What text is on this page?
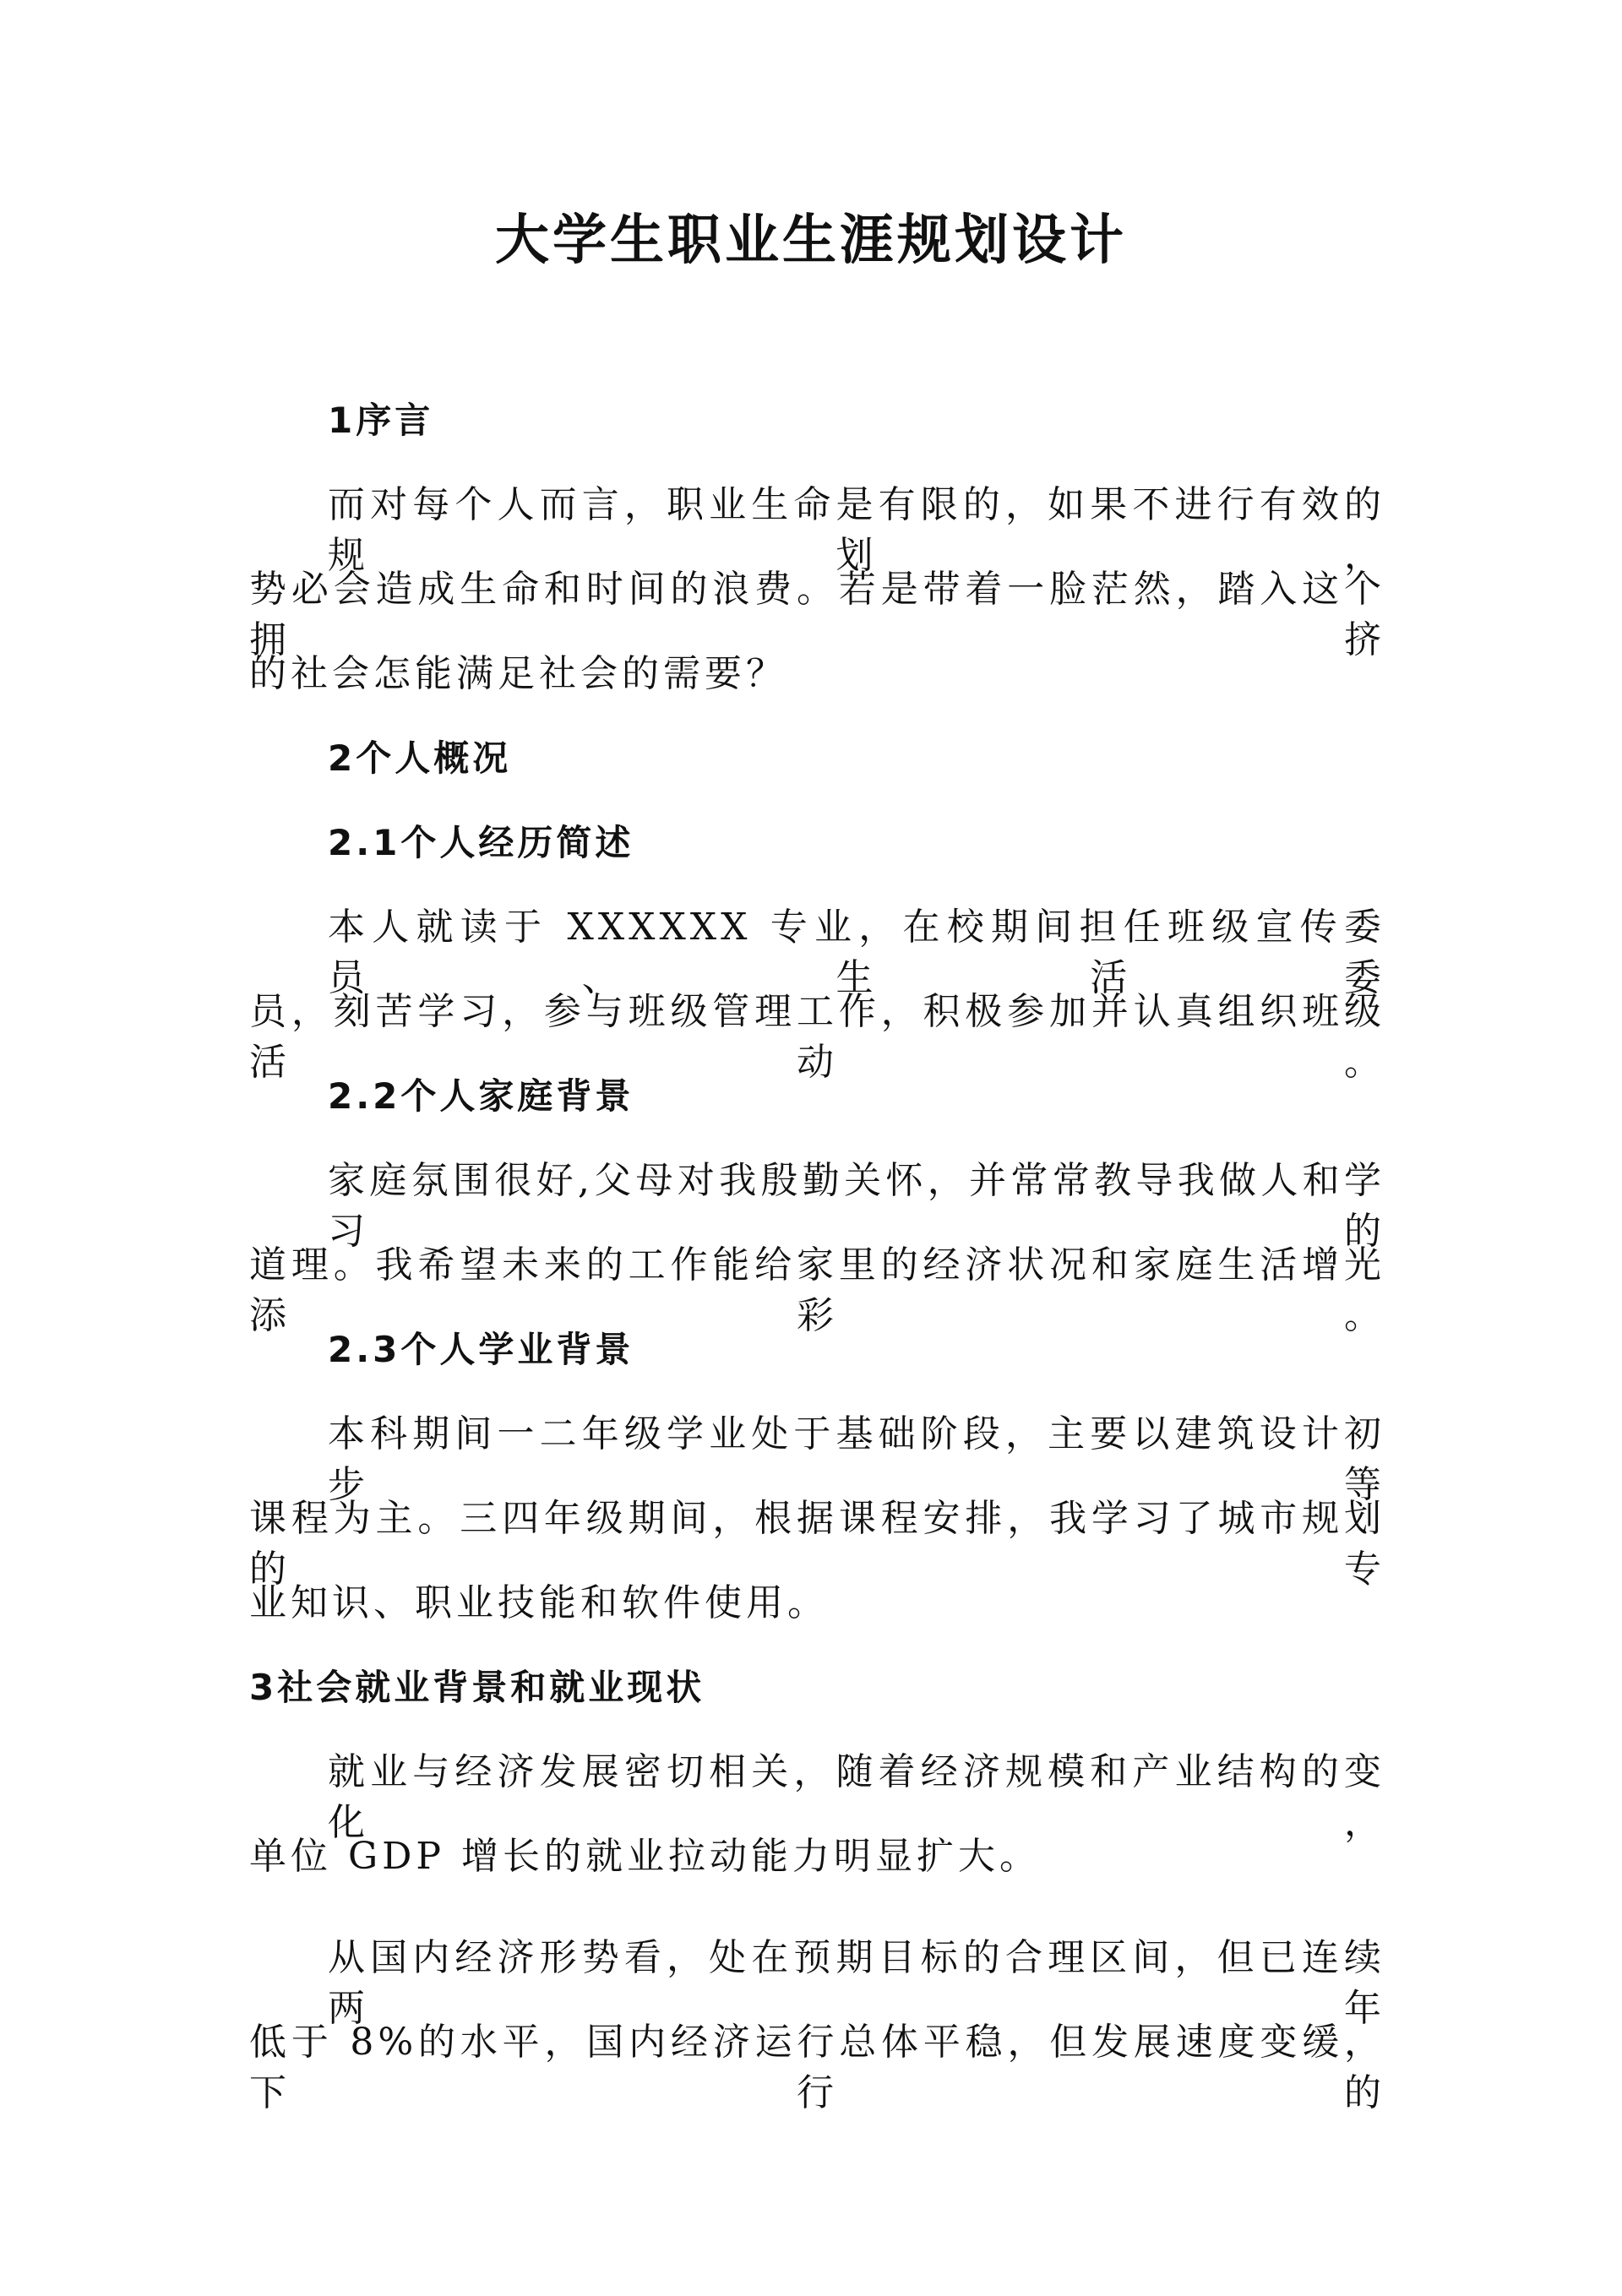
大学生职业生涯规划设计
1序言
而对每个人而言，职业生命是有限的，如果不进行有效的规划，
势必会造成生命和时间的浪费。若是带着一脸茫然，踏入这个拥挤
的社会怎能满足社会的需要？
2个人概况
2.1个人经历简述
本人就读于 XXXXXX 专业，在校期间担任班级宣传委员、生活委
员，刻苦学习，参与班级管理工作，积极参加并认真组织班级活动。
2.2个人家庭背景
家庭氛围很好,父母对我殷勤关怀，并常常教导我做人和学习的
道理。我希望未来的工作能给家里的经济状况和家庭生活增光添彩。
2.3个人学业背景
本科期间一二年级学业处于基础阶段，主要以建筑设计初步等
课程为主。三四年级期间，根据课程安排，我学习了城市规划的专
业知识、职业技能和软件使用。
3社会就业背景和就业现状
就业与经济发展密切相关，随着经济规模和产业结构的变化，
单位 GDP 增长的就业拉动能力明显扩大。
从国内经济形势看，处在预期目标的合理区间，但已连续两年
低于 8%的水平，国内经济运行总体平稳，但发展速度变缓，下行的
